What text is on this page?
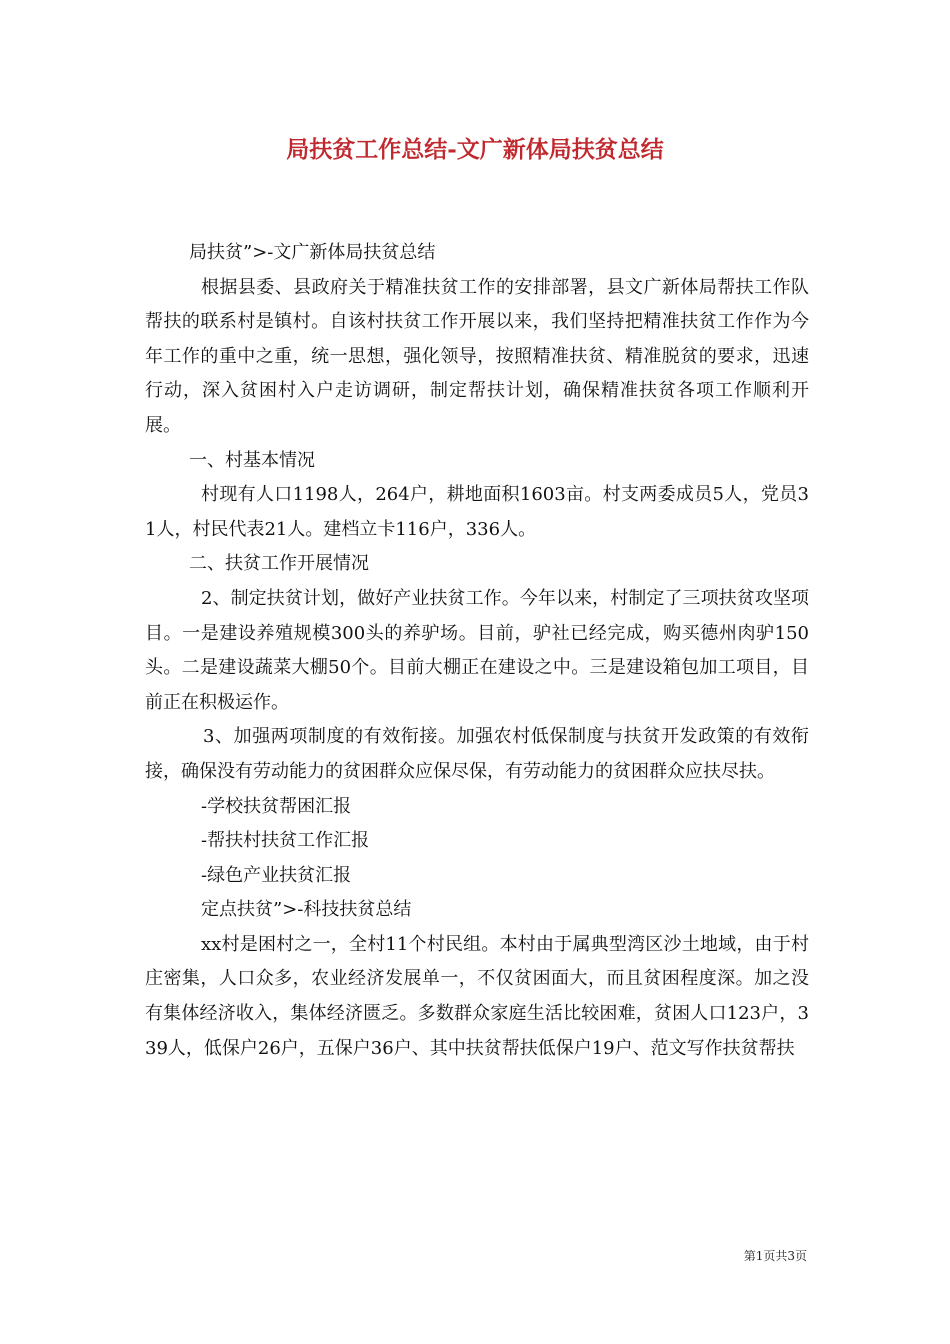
局扶贫工作总结-文广新体局扶贫总结

局扶贫”>-文广新体局扶贫总结

根据县委、县政府关于精准扶贫工作的安排部署，县文广新体局帮扶工作队帮扶的联系村是镇村。自该村扶贫工作开展以来，我们坚持把精准扶贫工作作为今年工作的重中之重，统一思想，强化领导，按照精准扶贫、精准脱贫的要求，迅速行动，深入贫困村入户走访调研，制定帮扶计划，确保精准扶贫各项工作顺利开展。

一、村基本情况

村现有人口1198人，264户，耕地面积1603亩。村支两委成员5人，党员31人，村民代表21人。建档立卡116户，336人。

二、扶贫工作开展情况

2、制定扶贫计划，做好产业扶贫工作。今年以来，村制定了三项扶贫攻坚项目。一是建设养殖规模300头的养驴场。目前，驴社已经完成，购买德州肉驴150头。二是建设蔬菜大棚50个。目前大棚正在建设之中。三是建设箱包加工项目，目前正在积极运作。

3、加强两项制度的有效衔接。加强农村低保制度与扶贫开发政策的有效衔接，确保没有劳动能力的贫困群众应保尽保，有劳动能力的贫困群众应扶尽扶。

-学校扶贫帮困汇报

-帮扶村扶贫工作汇报

-绿色产业扶贫汇报

定点扶贫”>-科技扶贫总结

xx村是困村之一，全村11个村民组。本村由于属典型湾区沙土地域，由于村庄密集，人口众多，农业经济发展单一，不仅贫困面大，而且贫困程度深。加之没有集体经济收入，集体经济匮乏。多数群众家庭生活比较困难，贫困人口123户，339人，低保户26户，五保户36户、其中扶贫帮扶低保户19户、范文写作扶贫帮扶

第1页共3页
